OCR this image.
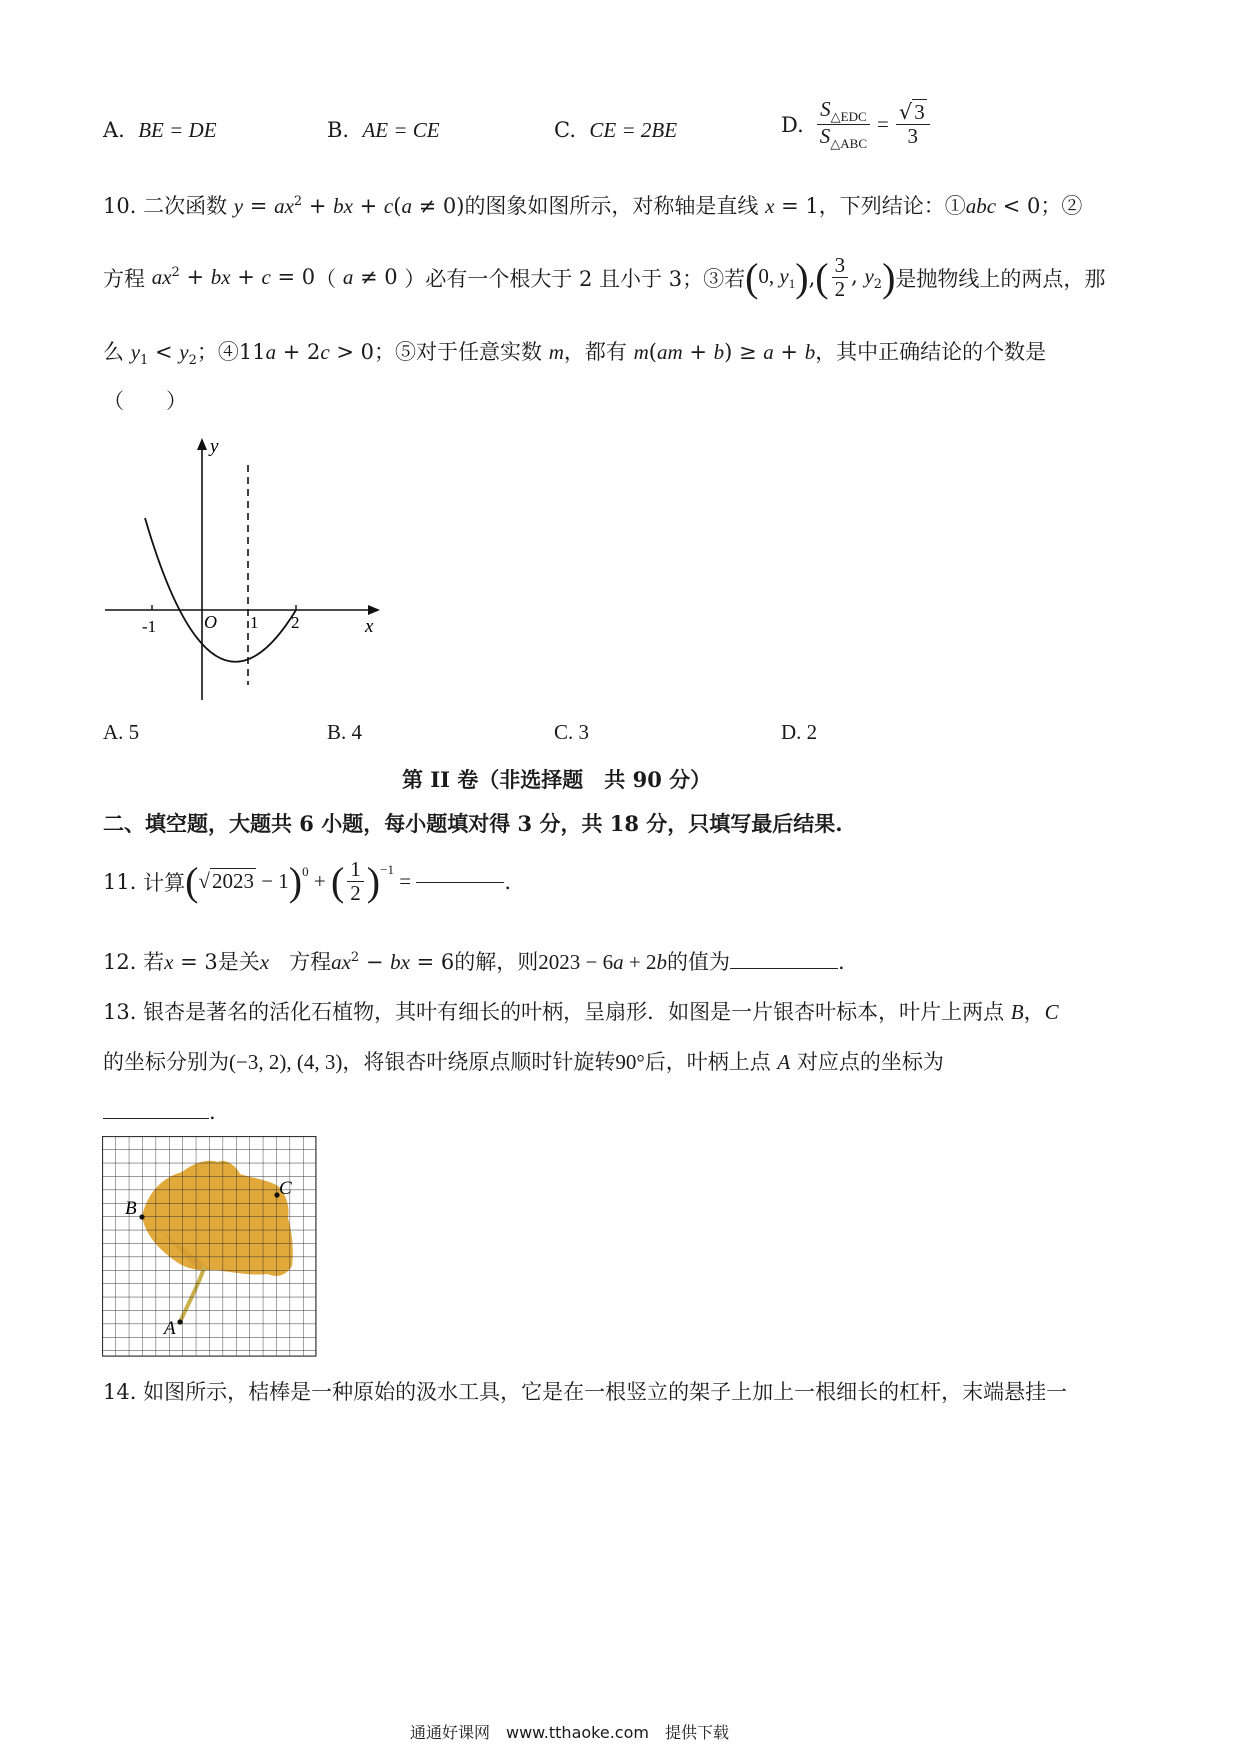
A. BE = DE	B. AE = CE	C. CE = 2BE	D. $\frac{S_{\triangle EDC}}{S_{\triangle ABC}} = \frac{√3}{3}$
10. 二次函数 $y = ax^2$ + bx + c(a ≠ 0)的图象如图所示，对称轴是直线 x = 1，下列结论：①abc < 0；②
方程 $ax^2$ + bx + c = 0 （ a ≠ 0 ）必有一个根大于 2 且小于 3；③若 ( 0, $y_1$ ) , ( $\frac{3}{2}$ , $y_2$ ) 是抛物线上的两点，那
么 $y_1 < y_2$；④11a + 2c > 0；⑤对于任意实数 m，都有 m(am + b) ≥ a + b，其中正确结论的个数是
（　　）
y
x
O
-1	1 2
A. 5	B. 4	C. 3	D. 2
第 II 卷（非选择题　共 90 分）
二、填空题，大题共 6 小题，每小题填对得 3 分，共 18 分，只填写最后结果.
11.
计算 ( √2023 − 1 )$^0$ + ( $\frac{1}{2} )^{-1}$ =	.
12. 若x = 3是关x 方程$ax^2$ − bx = 6的解，则2023 − 6a + 2b的值为	.
13. 银杏是著名的活化石植物，其叶有细长的叶柄，呈扇形．如图是一片银杏叶标本，叶片上两点 B，C
的坐标分别为(−3, 2), (4, 3)，将银杏叶绕原点顺时针旋转90°后，叶柄上点 A 对应点的坐标为
.
B
C
A
14. 如图所示，桔棒是一种原始的汲水工具，它是在一根竖立的架子上加上一根细长的杠杆，末端悬挂一
通通好课网　www.tthaoke.com　提供下载
